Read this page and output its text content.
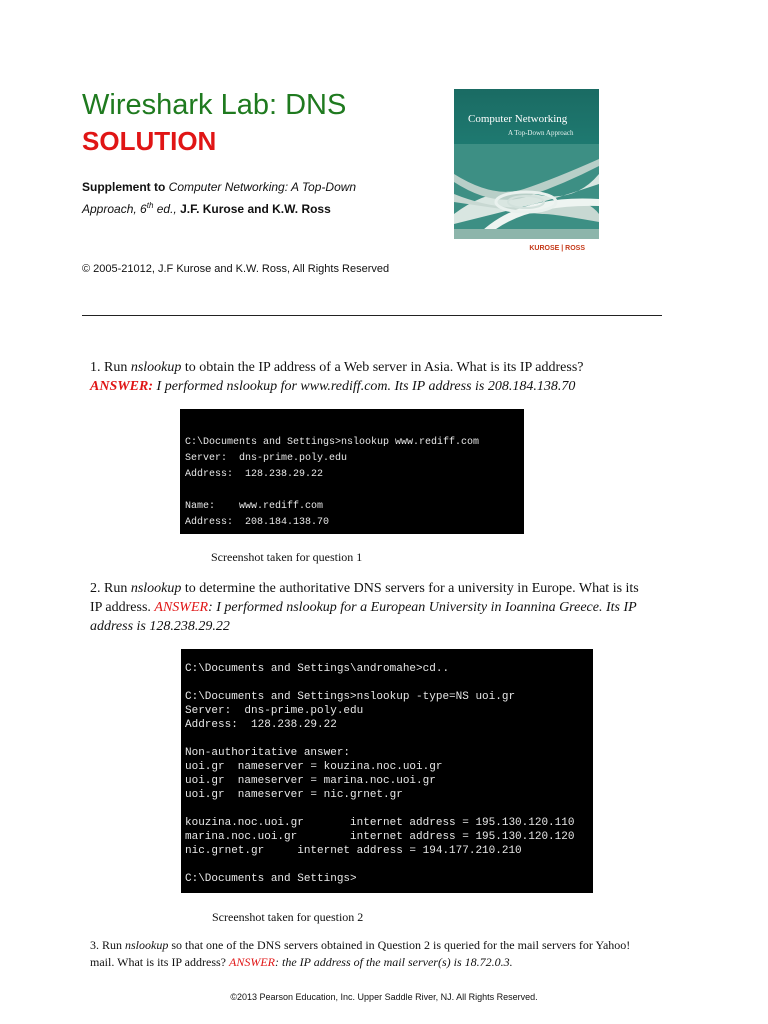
Wireshark Lab: DNS
SOLUTION
Supplement to Computer Networking: A Top-Down
Approach, 6th ed., J.F. Kurose and K.W. Ross
© 2005-21012, J.F Kurose and K.W. Ross, All Rights Reserved
Computer Networking
A Top-Down Approach
KUROSE | ROSS
1. Run nslookup to obtain the IP address of a Web server in Asia. What is its IP address?
ANSWER: I performed nslookup for www.rediff.com. Its IP address is 208.184.138.70
C:\Documents and Settings>nslookup www.rediff.com
Server:  dns-prime.poly.edu
Address:  128.238.29.22
Name:    www.rediff.com
Address:  208.184.138.70
Screenshot taken for question 1
2. Run nslookup to determine the authoritative DNS servers for a university in Europe. What is its IP address. ANSWER: I performed nslookup for a European University in Ioannina Greece. Its IP address is 128.238.29.22
C:\Documents and Settings\andromahe>cd..
C:\Documents and Settings>nslookup -type=NS uoi.gr
Server:  dns-prime.poly.edu
Address:  128.238.29.22
Non-authoritative answer:
uoi.gr  nameserver = kouzina.noc.uoi.gr
uoi.gr  nameserver = marina.noc.uoi.gr
uoi.gr  nameserver = nic.grnet.gr
kouzina.noc.uoi.gr       internet address = 195.130.120.110
marina.noc.uoi.gr        internet address = 195.130.120.120
nic.grnet.gr     internet address = 194.177.210.210
C:\Documents and Settings>
Screenshot taken for question 2
3. Run nslookup so that one of the DNS servers obtained in Question 2 is queried for the mail servers for Yahoo! mail. What is its IP address? ANSWER: the IP address of the mail server(s) is 18.72.0.3.
©2013 Pearson Education, Inc. Upper Saddle River, NJ. All Rights Reserved.
